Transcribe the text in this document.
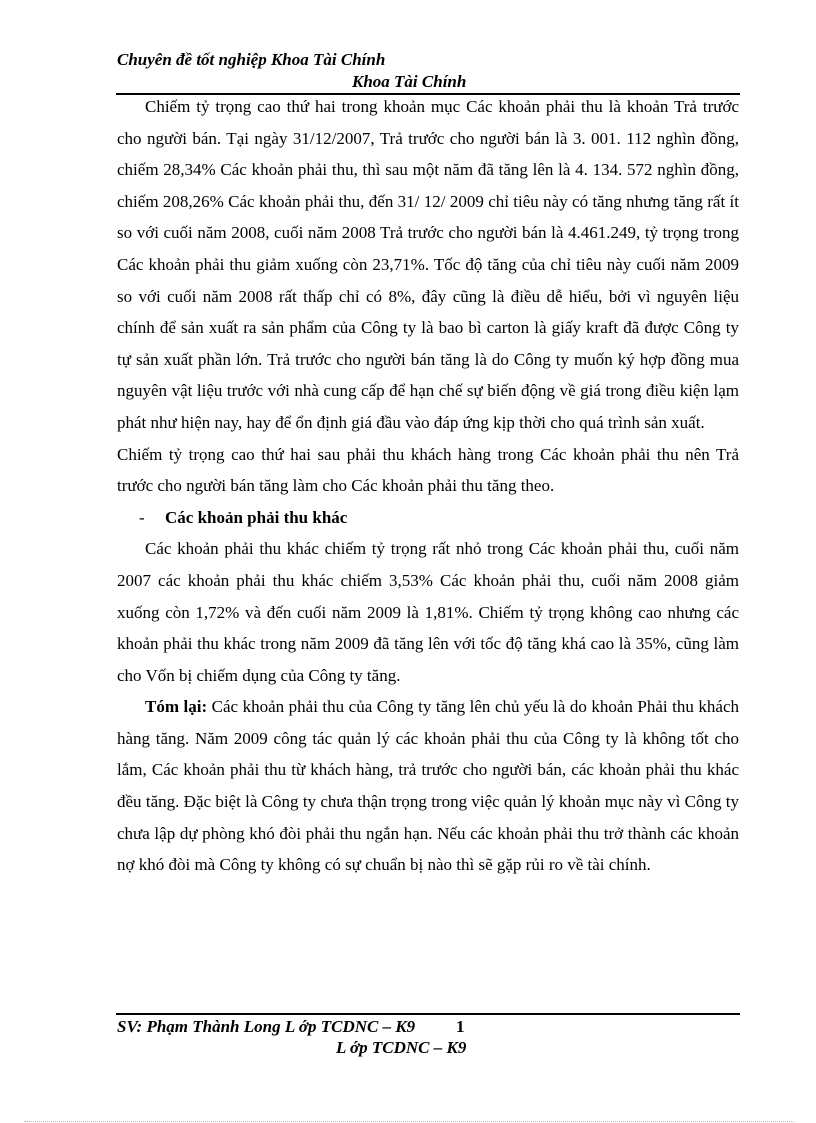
Chuyên đề tốt nghiệp Khoa Tài Chính
Khoa Tài Chính

Chiếm tỷ trọng cao thứ hai trong khoản mục Các khoản phải thu là khoản Trả trước cho người bán. Tại ngày 31/12/2007, Trả trước cho người bán là 3. 001. 112 nghìn đồng, chiếm 28,34% Các khoản phải thu, thì sau một năm đã tăng lên là 4. 134. 572 nghìn đồng, chiếm 208,26% Các khoản phải thu, đến 31/ 12/ 2009 chỉ tiêu này có tăng nhưng tăng rất ít so với cuối năm 2008, cuối năm 2008 Trả trước cho người bán là 4.461.249, tỷ trọng trong Các khoản phải thu giảm xuống còn 23,71%. Tốc độ tăng của chỉ tiêu này cuối năm 2009 so với cuối năm 2008 rất thấp chỉ có 8%, đây cũng là điều dễ hiểu, bởi vì nguyên liệu chính để sản xuất ra sản phẩm của Công ty là bao bì carton là giấy kraft đã được Công ty tự sản xuất phần lớn. Trả trước cho người bán tăng là do Công ty muốn ký hợp đồng mua nguyên vật liệu trước với nhà cung cấp để hạn chế sự biến động về giá trong điều kiện lạm phát như hiện nay, hay để ổn định giá đầu vào đáp ứng kịp thời cho quá trình sản xuất.

Chiếm tỷ trọng cao thứ hai sau phải thu khách hàng trong Các khoản phải thu nên Trả trước cho người bán tăng làm cho Các khoản phải thu tăng theo.

- Các khoản phải thu khác

Các khoản phải thu khác chiếm tỷ trọng rất nhỏ trong Các khoản phải thu, cuối năm 2007 các khoản phải thu khác chiếm 3,53% Các khoản phải thu, cuối năm 2008 giảm xuống còn 1,72% và đến cuối năm 2009 là 1,81%. Chiếm tỷ trọng không cao nhưng các khoản phải thu khác trong năm 2009 đã tăng lên với tốc độ tăng khá cao là 35%, cũng làm cho Vốn bị chiếm dụng của Công ty tăng.

Tóm lại: Các khoản phải thu của Công ty tăng lên chủ yếu là do khoản Phải thu khách hàng tăng. Năm 2009 công tác quản lý các khoản phải thu của Công ty là không tốt cho lắm, Các khoản phải thu từ khách hàng, trả trước cho người bán, các khoản phải thu khác đều tăng. Đặc biệt là Công ty chưa thận trọng trong việc quản lý khoản mục này vì Công ty chưa lập dự phòng khó đòi phải thu ngắn hạn. Nếu các khoản phải thu trở thành các khoản nợ khó đòi mà Công ty không có sự chuẩn bị nào thì sẽ gặp rủi ro về tài chính.

SV: Phạm Thành Long L ớp TCDNC – K9 1
L ớp TCDNC – K9
